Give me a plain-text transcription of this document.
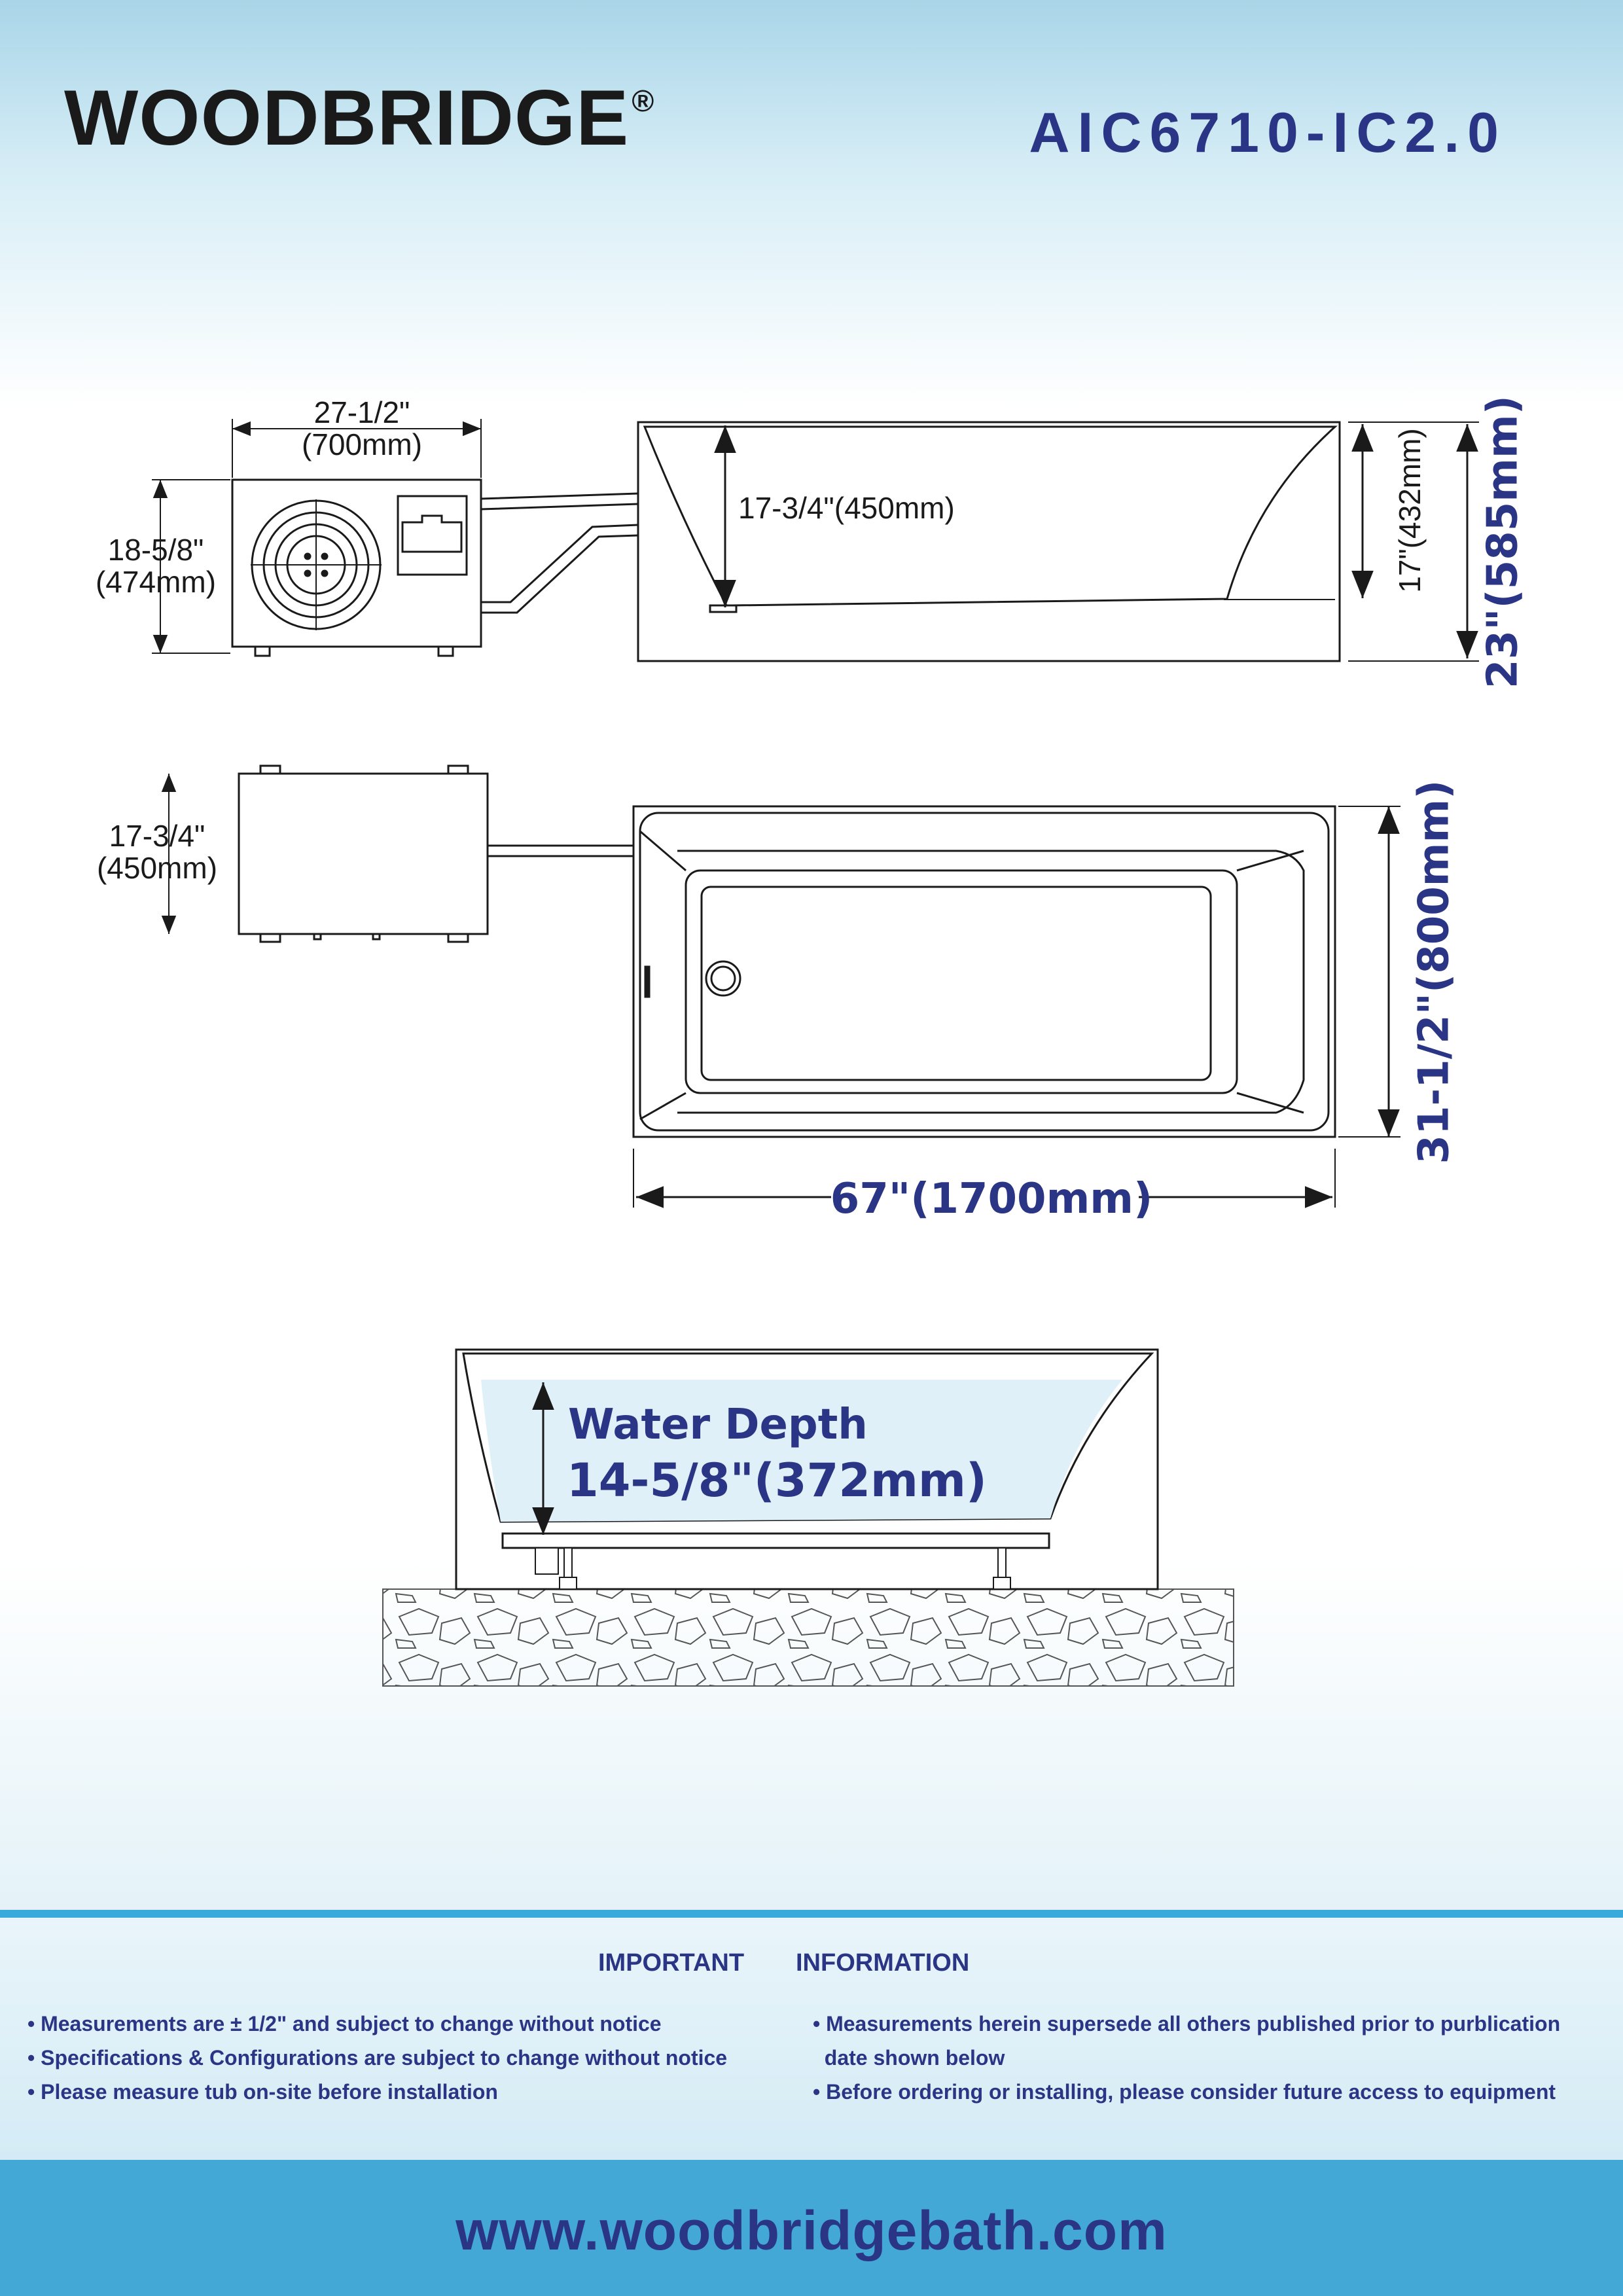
WOODBRIDGE®
AIC6710-IC2.0
27-1/2"
(700mm)
18-5/8"
(474mm)
17-3/4"(450mm)	17"(432mm) 23"(585mm)
17-3/4"
(450mm)	31-1/2"(800mm)
67"(1700mm)
Water Depth
14-5/8"(372mm)
IMPORTANT INFORMATION
• Measurements are ± 1/2" and subject to change without notice
• Specifications & Configurations are subject to change without notice
• Please measure tub on-site before installation
• Measurements herein supersede all others published prior to purblication
date shown below
• Before ordering or installing, please consider future access to equipment
www.woodbridgebath.com
